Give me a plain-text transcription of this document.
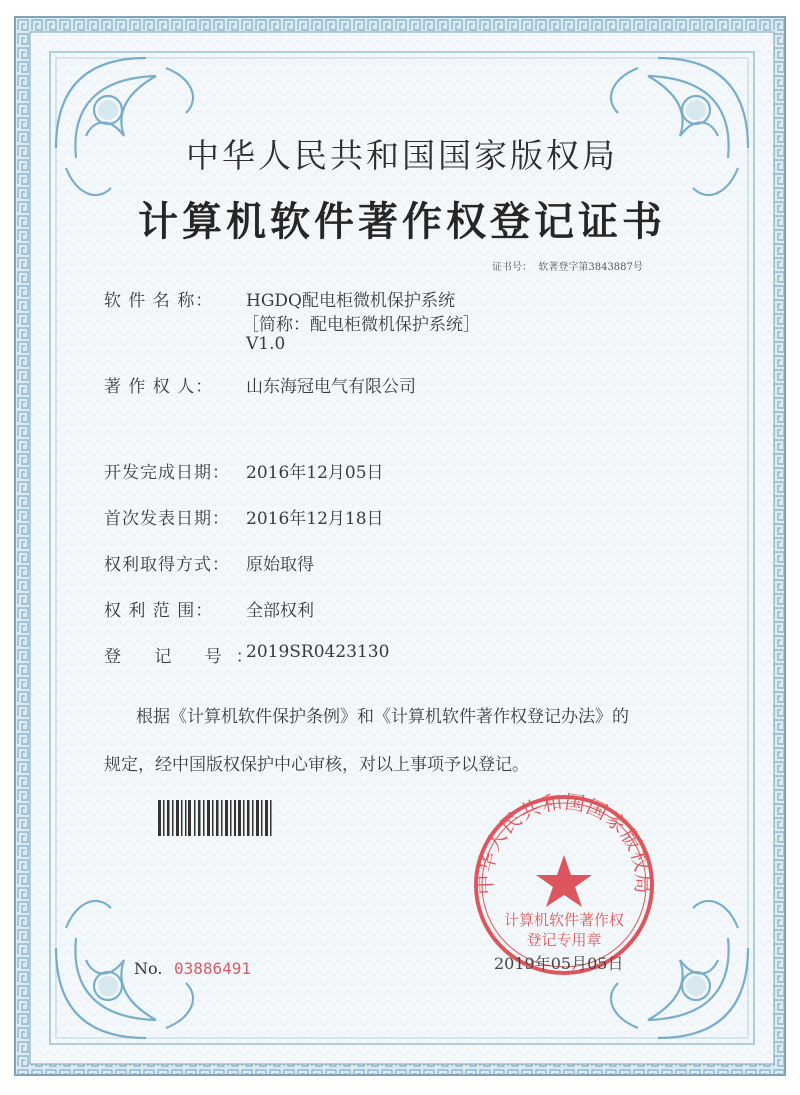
中华人民共和国国家版权局
计算机软件著作权
登记专用章
中华人民共和国国家版权局
计算机软件著作权登记证书
证书号： 软著登字第3843887号
软 件 名 称： HGDQ配电柜微机保护系统
［简称：配电柜微机保护系统］
V1.0
著 作 权 人： 山东海冠电气有限公司
开发完成日期： 2016年12月05日
首次发表日期： 2016年12月18日
权利取得方式： 原始取得
权 利 范 围： 全部权利
登 记 号：
2019SR0423130
根据《计算机软件保护条例》和《计算机软件著作权登记办法》的
规定，经中国版权保护中心审核，对以上事项予以登记。
2019年05月05日
No. 03886491
